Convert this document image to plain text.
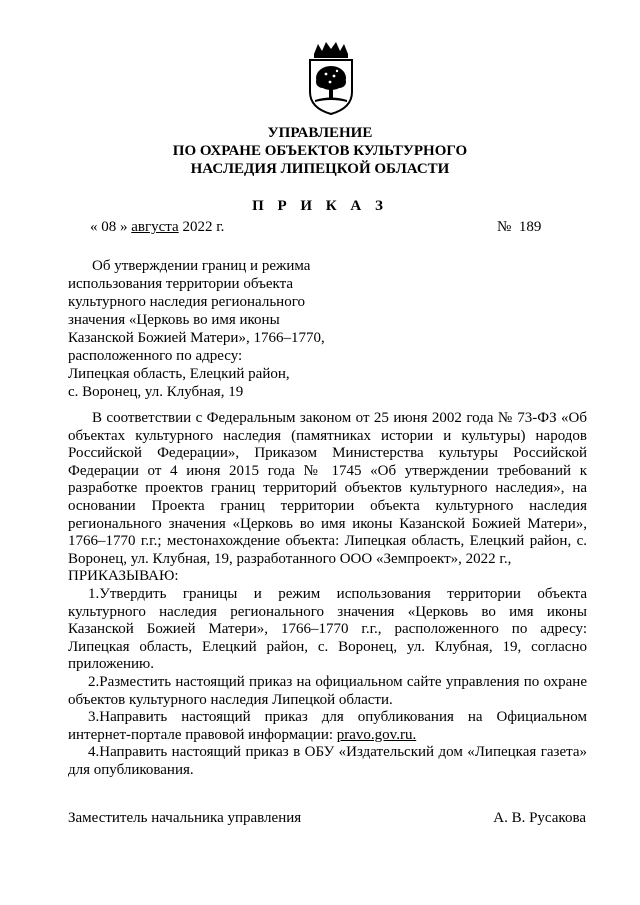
УПРАВЛЕНИЕ
ПО ОХРАНЕ ОБЪЕКТОВ КУЛЬТУРНОГО
НАСЛЕДИЯ ЛИПЕЦКОЙ ОБЛАСТИ
П Р И К А З
« 08 » августа 2022 г.	№ 189
Об утверждении границ и режима
использования территории объекта
культурного наследия регионального
значения «Церковь во имя иконы
Казанской Божией Матери», 1766–1770,
расположенного по адресу:
Липецкая область, Елецкий район,
с. Воронец, ул. Клубная, 19

В соответствии с Федеральным законом от 25 июня 2002 года № 73-ФЗ «Об объектах культурного наследия (памятниках истории и культуры) народов Российской Федерации», Приказом Министерства культуры Российской Федерации от 4 июня 2015 года № 1745 «Об утверждении требований к разработке проектов границ территорий объектов культурного наследия», на основании Проекта границ территории объекта культурного наследия регионального значения «Церковь во имя иконы Казанской Божией Матери», 1766–1770 г.г.; местонахождение объекта: Липецкая область, Елецкий район, с. Воронец, ул. Клубная, 19, разработанного ООО «Земпроект», 2022 г.,

ПРИКАЗЫВАЮ:

1.Утвердить границы и режим использования территории объекта культурного наследия регионального значения «Церковь во имя иконы Казанской Божией Матери», 1766–1770 г.г., расположенного по адресу: Липецкая область, Елецкий район, с. Воронец, ул. Клубная, 19, согласно приложению.

2.Разместить настоящий приказ на официальном сайте управления по охране объектов культурного наследия Липецкой области.

3.Направить настоящий приказ для опубликования на Официальном интернет-портале правовой информации: pravo.gov.ru.

4.Направить настоящий приказ в ОБУ «Издательский дом «Липецкая газета» для опубликования.

Заместитель начальника управления	А. В. Русакова
